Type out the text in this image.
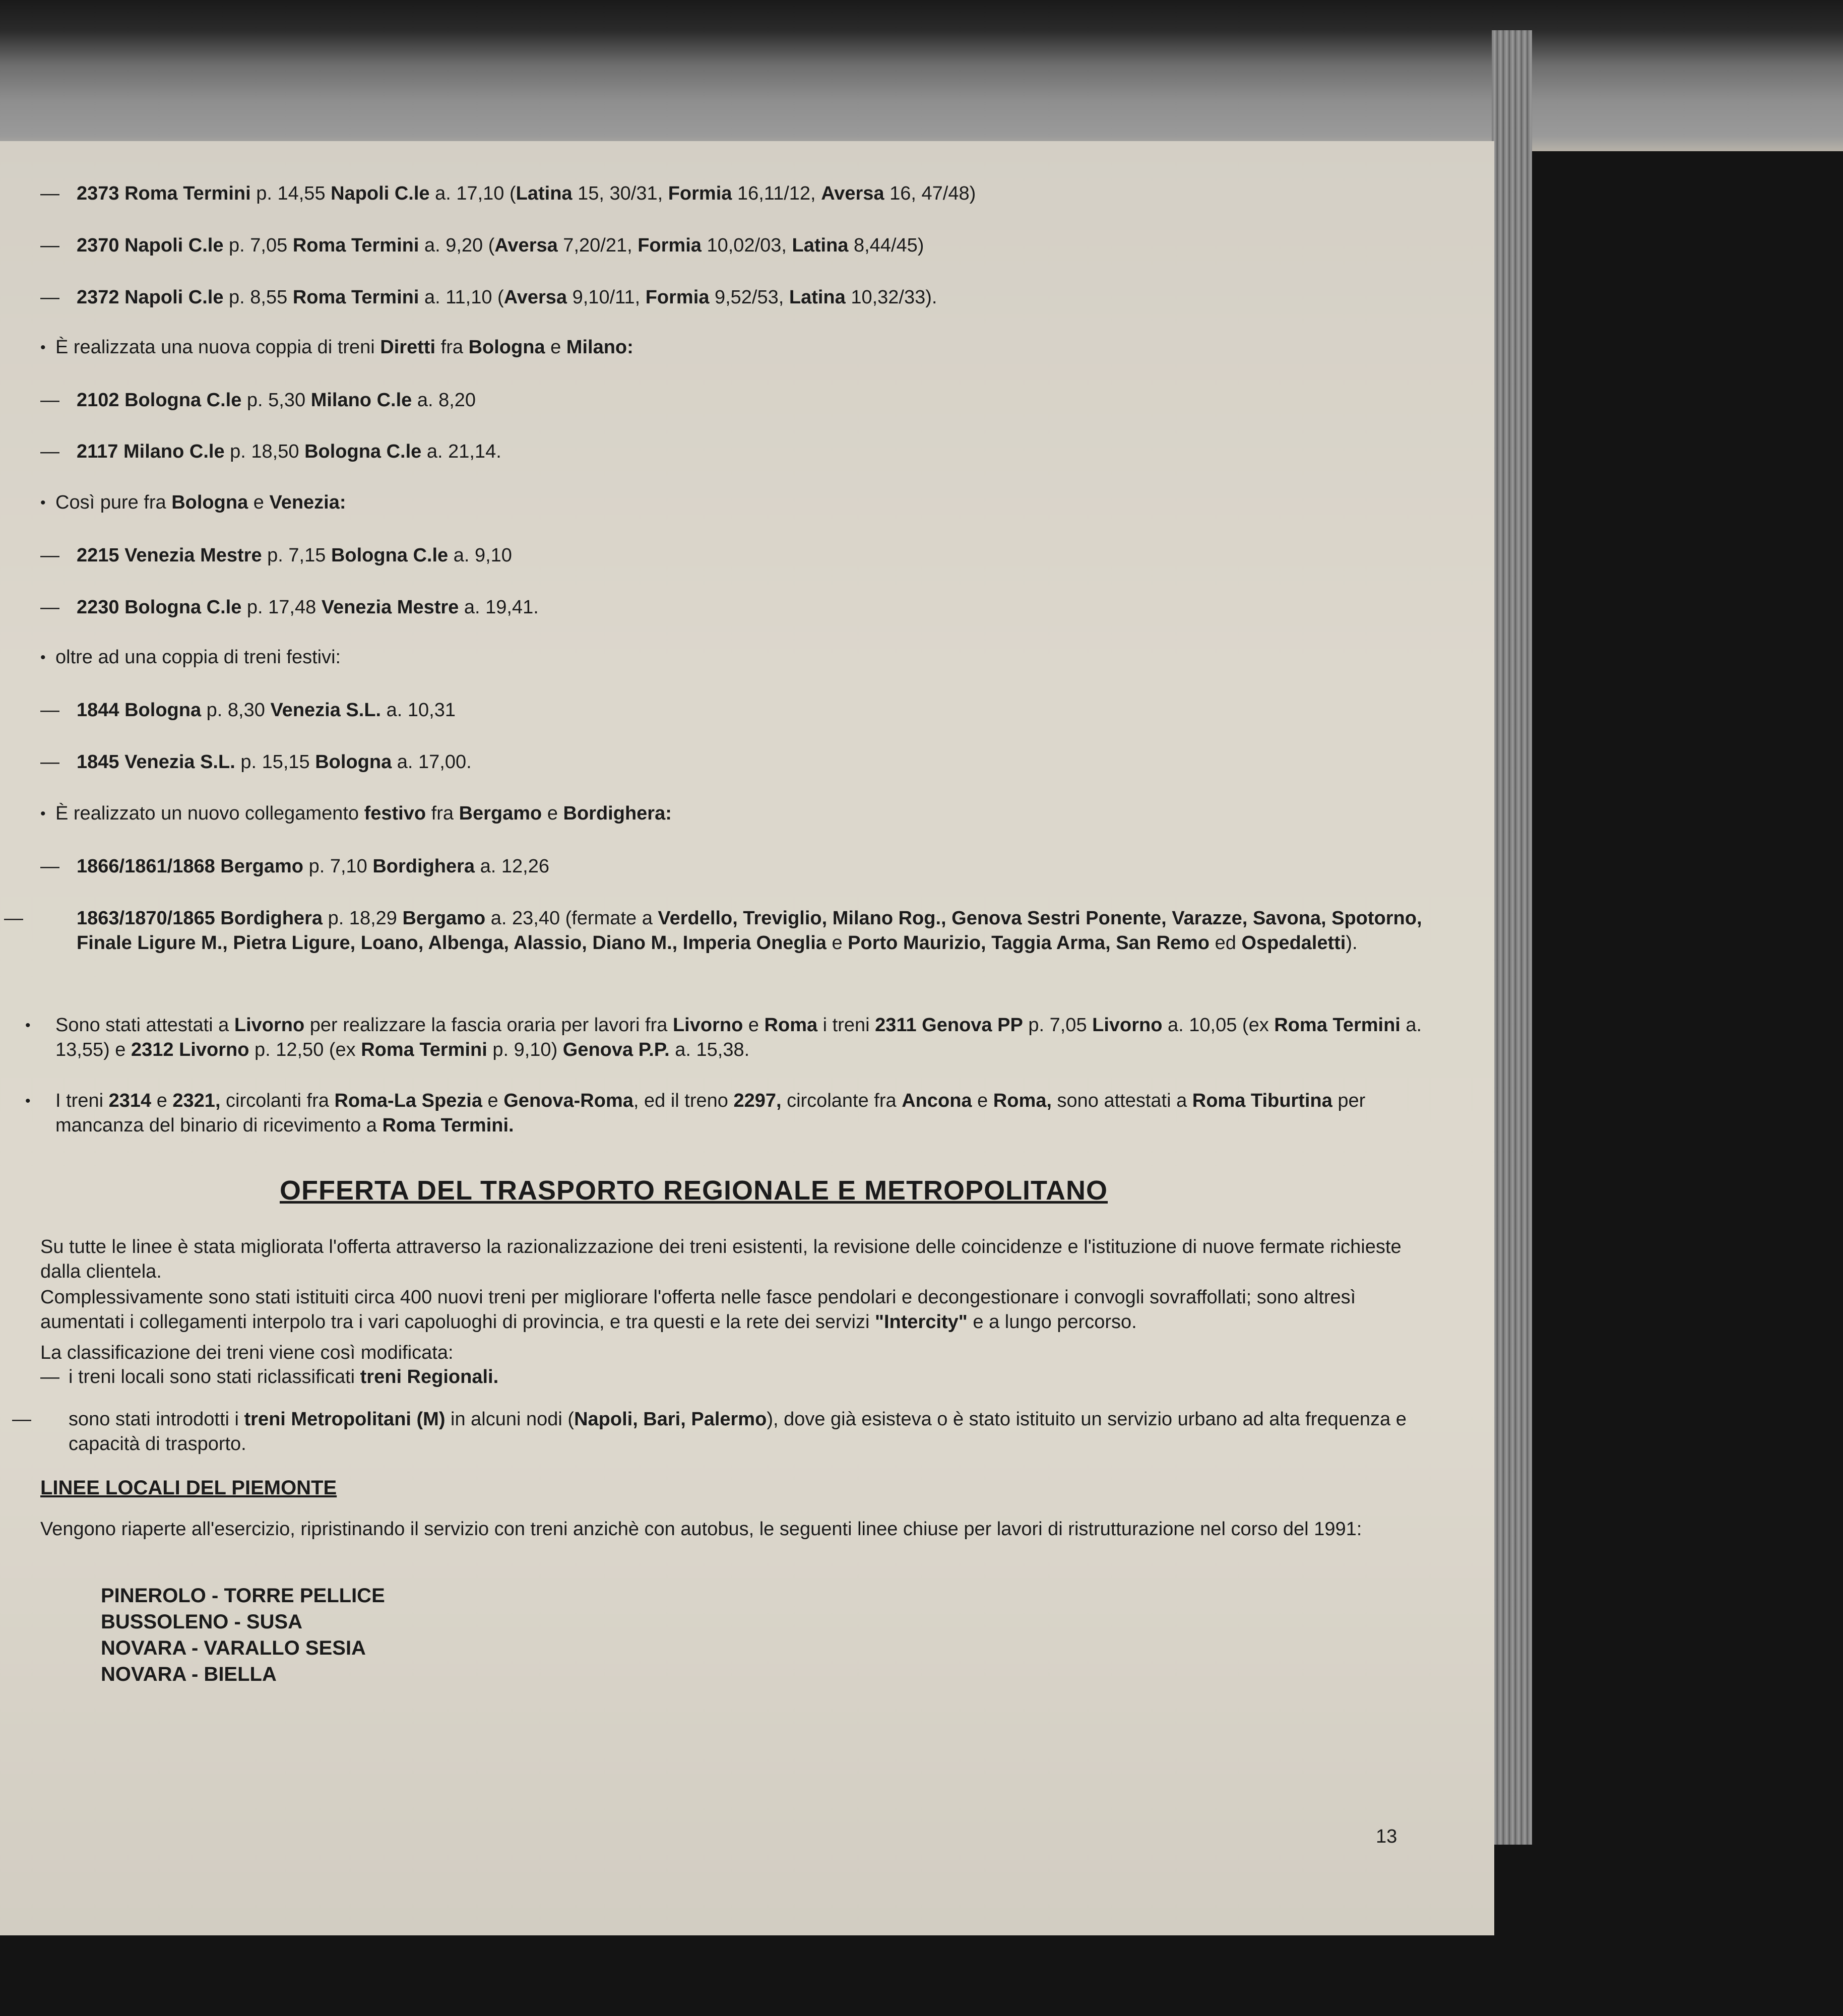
— 2373 Roma Termini p. 14,55 Napoli C.le a. 17,10 (Latina 15, 30/31, Formia 16,11/12, Aversa 16, 47/48)
— 2370 Napoli C.le p. 7,05 Roma Termini a. 9,20 (Aversa 7,20/21, Formia 10,02/03, Latina 8,44/45)
— 2372 Napoli C.le p. 8,55 Roma Termini a. 11,10 (Aversa 9,10/11, Formia 9,52/53, Latina 10,32/33).
• È realizzata una nuova coppia di treni Diretti fra Bologna e Milano:
— 2102 Bologna C.le p. 5,30 Milano C.le a. 8,20
— 2117 Milano C.le p. 18,50 Bologna C.le a. 21,14.
• Così pure fra Bologna e Venezia:
— 2215 Venezia Mestre p. 7,15 Bologna C.le a. 9,10
— 2230 Bologna C.le p. 17,48 Venezia Mestre a. 19,41.
• oltre ad una coppia di treni festivi:
— 1844 Bologna p. 8,30 Venezia S.L. a. 10,31
— 1845 Venezia S.L. p. 15,15 Bologna a. 17,00.
• È realizzato un nuovo collegamento festivo fra Bergamo e Bordighera:
— 1866/1861/1868 Bergamo p. 7,10 Bordighera a. 12,26
—	1863/1870/1865 Bordighera p. 18,29 Bergamo a. 23,40 (fermate a Verdello, Treviglio, Milano Rog., Genova Sestri Ponente, Varazze, Savona, Spotorno, Finale Ligure M., Pietra Ligure, Loano, Albenga, Alassio, Diano M., Imperia Oneglia e Porto Maurizio, Taggia Arma, San Remo ed Ospedaletti).
• Sono stati attestati a Livorno per realizzare la fascia oraria per lavori fra Livorno e Roma i treni 2311 Genova PP p. 7,05 Livorno a. 10,05 (ex Roma Termini a. 13,55) e 2312 Livorno p. 12,50 (ex Roma Termini p. 9,10) Genova P.P. a. 15,38.
• I treni 2314 e 2321, circolanti fra Roma-La Spezia e Genova-Roma, ed il treno 2297, circolante fra Ancona e Roma, sono attestati a Roma Tiburtina per mancanza del binario di ricevimento a Roma Termini.
OFFERTA DEL TRASPORTO REGIONALE E METROPOLITANO
Su tutte le linee è stata migliorata l'offerta attraverso la razionalizzazione dei treni esistenti, la revisione delle coincidenze e l'istituzione di nuove fermate richieste dalla clientela.
Complessivamente sono stati istituiti circa 400 nuovi treni per migliorare l'offerta nelle fasce pendolari e decongestionare i convogli sovraffollati; sono altresì aumentati i collegamenti interpolo tra i vari capoluoghi di provincia, e tra questi e la rete dei servizi "Intercity" e a lungo percorso.
La classificazione dei treni viene così modificata:
— i treni locali sono stati riclassificati treni Regionali.
— sono stati introdotti i treni Metropolitani (M) in alcuni nodi (Napoli, Bari, Palermo), dove già esisteva o è stato istituito un servizio urbano ad alta frequenza e capacità di trasporto.
LINEE LOCALI DEL PIEMONTE
Vengono riaperte all'esercizio, ripristinando il servizio con treni anzichè con autobus, le seguenti linee chiuse per lavori di ristrutturazione nel corso del 1991:
PINEROLO - TORRE PELLICE
BUSSOLENO - SUSA
NOVARA - VARALLO SESIA
NOVARA - BIELLA
13
